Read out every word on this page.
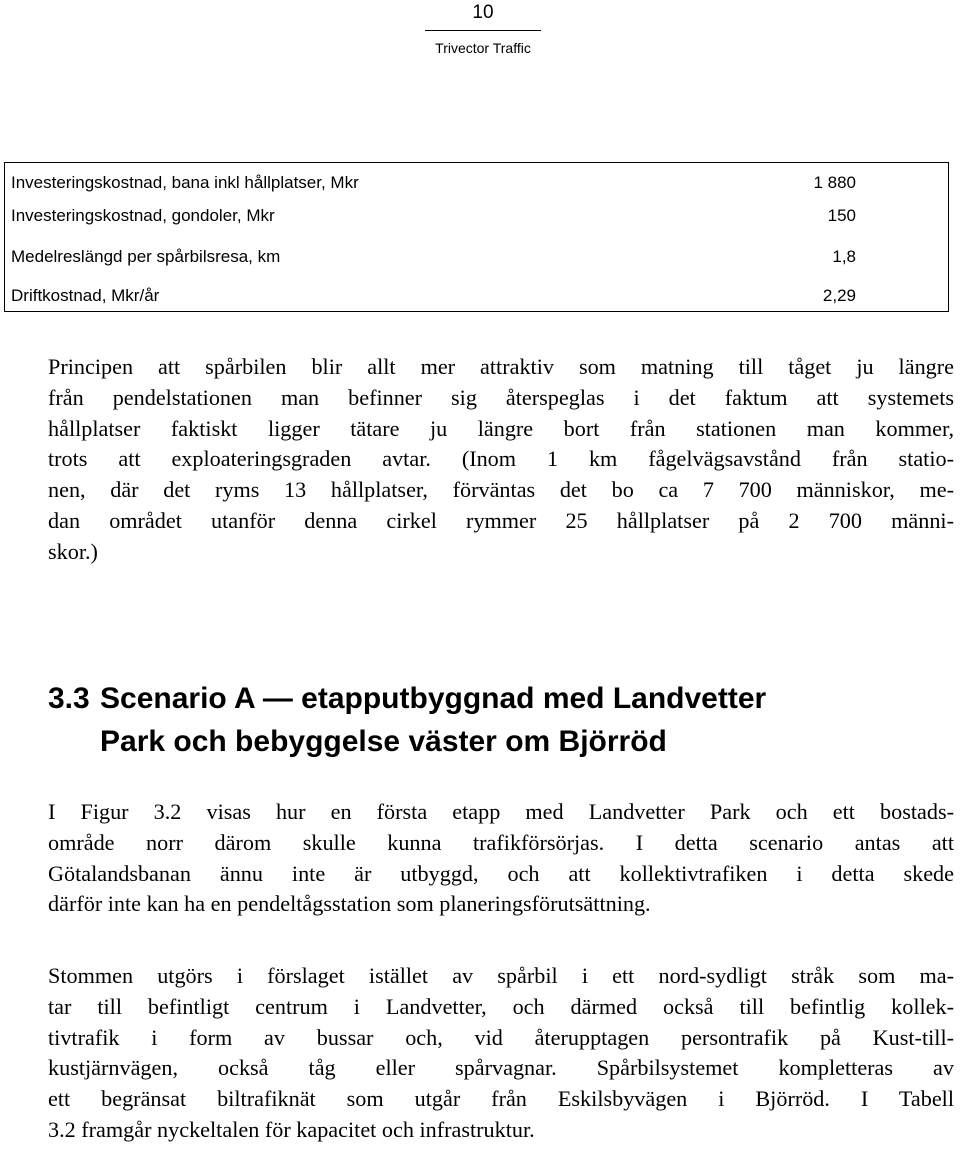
10
Trivector Traffic
Investeringskostnad, bana inkl hållplatser, Mkr	1 880
Investeringskostnad, gondoler, Mkr	150
Medelreslängd per spårbilsresa, km	1,8
Driftkostnad, Mkr/år	2,29
Principen att spårbilen blir allt mer attraktiv som matning till tåget ju längre
från pendelstationen man befinner sig återspeglas i det faktum att systemets
hållplatser faktiskt ligger tätare ju längre bort från stationen man kommer,
trots att exploateringsgraden avtar. (Inom 1 km fågelvägsavstånd från statio-
nen, där det ryms 13 hållplatser, förväntas det bo ca 7 700 människor, me-
dan området utanför denna cirkel rymmer 25 hållplatser på 2 700 männi-
skor.)
3.3 Scenario A — etapputbyggnad med Landvetter
Park och bebyggelse väster om Björröd
I Figur 3.2 visas hur en första etapp med Landvetter Park och ett bostads-
område norr därom skulle kunna trafikförsörjas. I detta scenario antas att
Götalandsbanan ännu inte är utbyggd, och att kollektivtrafiken i detta skede
därför inte kan ha en pendeltågsstation som planeringsförutsättning.
Stommen utgörs i förslaget istället av spårbil i ett nord-sydligt stråk som ma-
tar till befintligt centrum i Landvetter, och därmed också till befintlig kollek-
tivtrafik i form av bussar och, vid återupptagen persontrafik på Kust-till-
kustjärnvägen, också tåg eller spårvagnar. Spårbilsystemet kompletteras av
ett begränsat biltrafiknät som utgår från Eskilsbyvägen i Björröd. I Tabell
3.2 framgår nyckeltalen för kapacitet och infrastruktur.
